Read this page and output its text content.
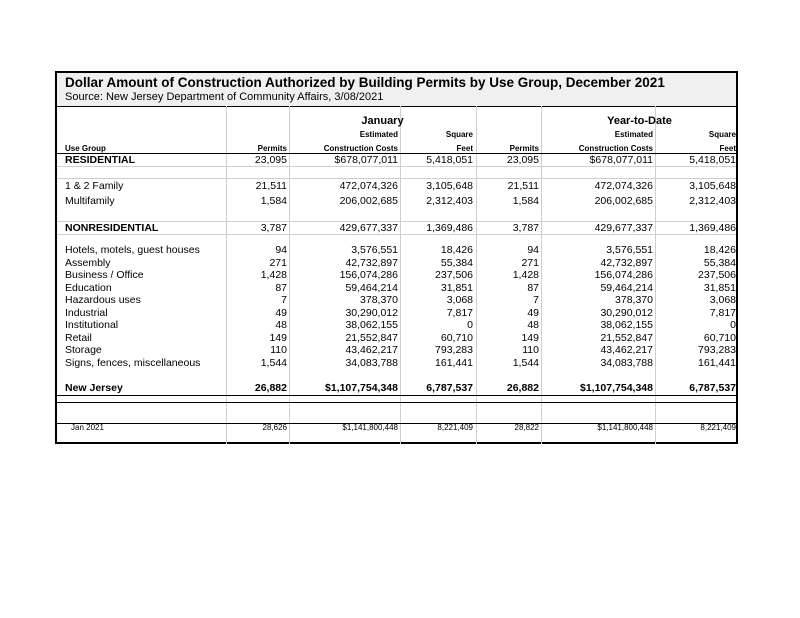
Dollar Amount of Construction Authorized by Building Permits by Use Group, December 2021
Source: New Jersey Department of Community Affairs, 3/08/2021
January	Year-to-Date
Estimated	Square	Estimated	Square
Use Group	Permits	Construction Costs	Feet	Permits	Construction Costs	Feet
RESIDENTIAL	23,095	$678,077,011	5,418,051	23,095	$678,077,011	5,418,051
1 & 2 Family	21,511	472,074,326	3,105,648	21,511	472,074,326	3,105,648
Multifamily	1,584	206,002,685	2,312,403	1,584	206,002,685	2,312,403
NONRESIDENTIAL	3,787	429,677,337	1,369,486	3,787	429,677,337	1,369,486
Hotels, motels, guest houses	94	3,576,551	18,426	94	3,576,551	18,426
Assembly	271	42,732,897	55,384	271	42,732,897	55,384
Business / Office	1,428	156,074,286	237,506	1,428	156,074,286	237,506
Education	87	59,464,214	31,851	87	59,464,214	31,851
Hazardous uses	7	378,370	3,068	7	378,370	3,068
Industrial	49	30,290,012	7,817	49	30,290,012	7,817
Institutional	48	38,062,155	0	48	38,062,155	0
Retail	149	21,552,847	60,710	149	21,552,847	60,710
Storage	110	43,462,217	793,283	110	43,462,217	793,283
Signs, fences, miscellaneous	1,544	34,083,788	161,441	1,544	34,083,788	161,441
New Jersey	26,882	$1,107,754,348	6,787,537	26,882	$1,107,754,348	6,787,537
Jan 2021	28,626	$1,141,800,448	8,221,409	28,822	$1,141,800,448	8,221,409
